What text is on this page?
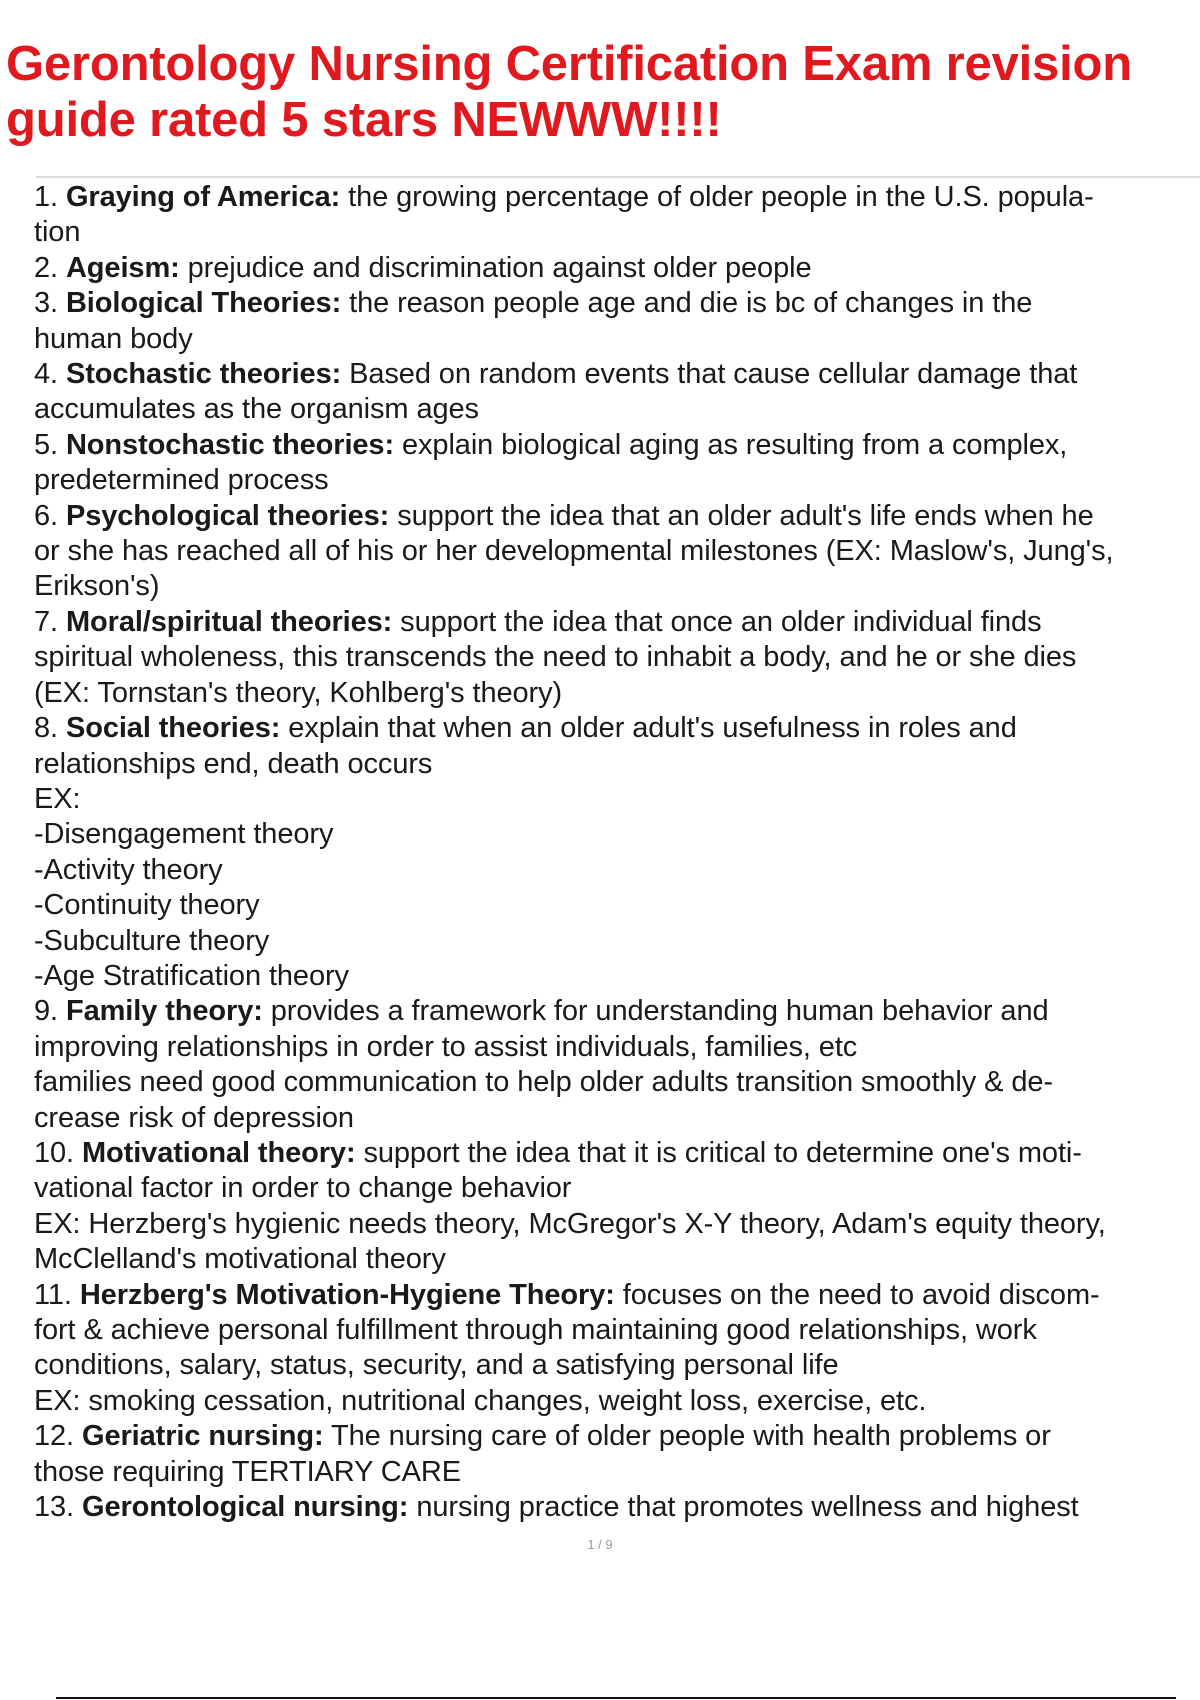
Gerontology Nursing Certification Exam revision
guide rated 5 stars NEWWW!!!!
1. Graying of America: the growing percentage of older people in the U.S. popula-
tion
2. Ageism: prejudice and discrimination against older people
3. Biological Theories: the reason people age and die is bc of changes in the
human body
4. Stochastic theories: Based on random events that cause cellular damage that
accumulates as the organism ages
5. Nonstochastic theories: explain biological aging as resulting from a complex,
predetermined process
6. Psychological theories: support the idea that an older adult's life ends when he
or she has reached all of his or her developmental milestones (EX: Maslow's, Jung's,
Erikson's)
7. Moral/spiritual theories: support the idea that once an older individual finds
spiritual wholeness, this transcends the need to inhabit a body, and he or she dies
(EX: Tornstan's theory, Kohlberg's theory)
8. Social theories: explain that when an older adult's usefulness in roles and
relationships end, death occurs
EX:
-Disengagement theory
-Activity theory
-Continuity theory
-Subculture theory
-Age Stratification theory
9. Family theory: provides a framework for understanding human behavior and
improving relationships in order to assist individuals, families, etc
families need good communication to help older adults transition smoothly & de-
crease risk of depression
10. Motivational theory: support the idea that it is critical to determine one's moti-
vational factor in order to change behavior
EX: Herzberg's hygienic needs theory, McGregor's X-Y theory, Adam's equity theory,
McClelland's motivational theory
11. Herzberg's Motivation-Hygiene Theory: focuses on the need to avoid discom-
fort & achieve personal fulfillment through maintaining good relationships, work
conditions, salary, status, security, and a satisfying personal life
EX: smoking cessation, nutritional changes, weight loss, exercise, etc.
12. Geriatric nursing: The nursing care of older people with health problems or
those requiring TERTIARY CARE
13. Gerontological nursing: nursing practice that promotes wellness and highest
1 / 9
